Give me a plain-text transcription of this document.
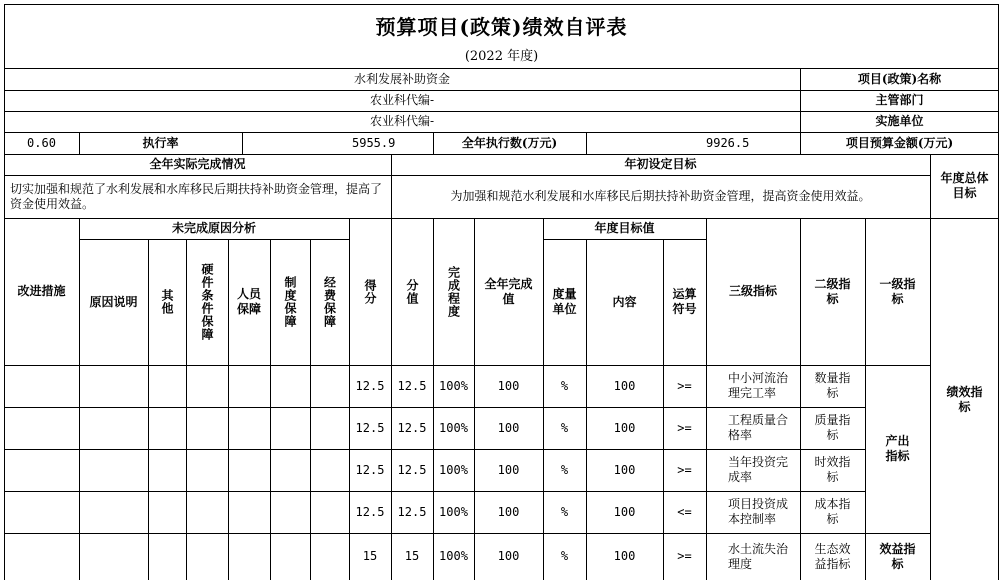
预算项目(政策)绩效自评表
(2022 年度)
项目(政策)名称
水利发展补助资金
主管部门
农业科代编-
实施单位
农业科代编-
项目预算金额(万元)
9926.5
全年执行数(万元)
5955.9
执行率
0.60
年度总体目标
年初设定目标
全年实际完成情况
为加强和规范水利发展和水库移民后期扶持补助资金管理，提高资金使用效益。
切实加强和规范了水利发展和水库移民后期扶持补助资金管理，提高了资金使用效益。
绩效指标
一级指标
二级指标
三级指标
年度目标值
运算符号
内容
度量单位
全年完成值
完成程度
分值
得分
未完成原因分析
经费保障
制度保障
人员保障
硬件条件保障
其他
原因说明
改进措施
产出指标
效益指标
数量指标
中小河流治理完工率
>=
100
%
100
100%
12.5
12.5
质量指标
工程质量合格率
>=
100
%
100
100%
12.5
12.5
时效指标
当年投资完成率
>=
100
%
100
100%
12.5
12.5
成本指标
项目投资成本控制率
<=
100
%
100
100%
12.5
12.5
生态效益指标
水土流失治理度
>=
100
%
100
100%
15
15
